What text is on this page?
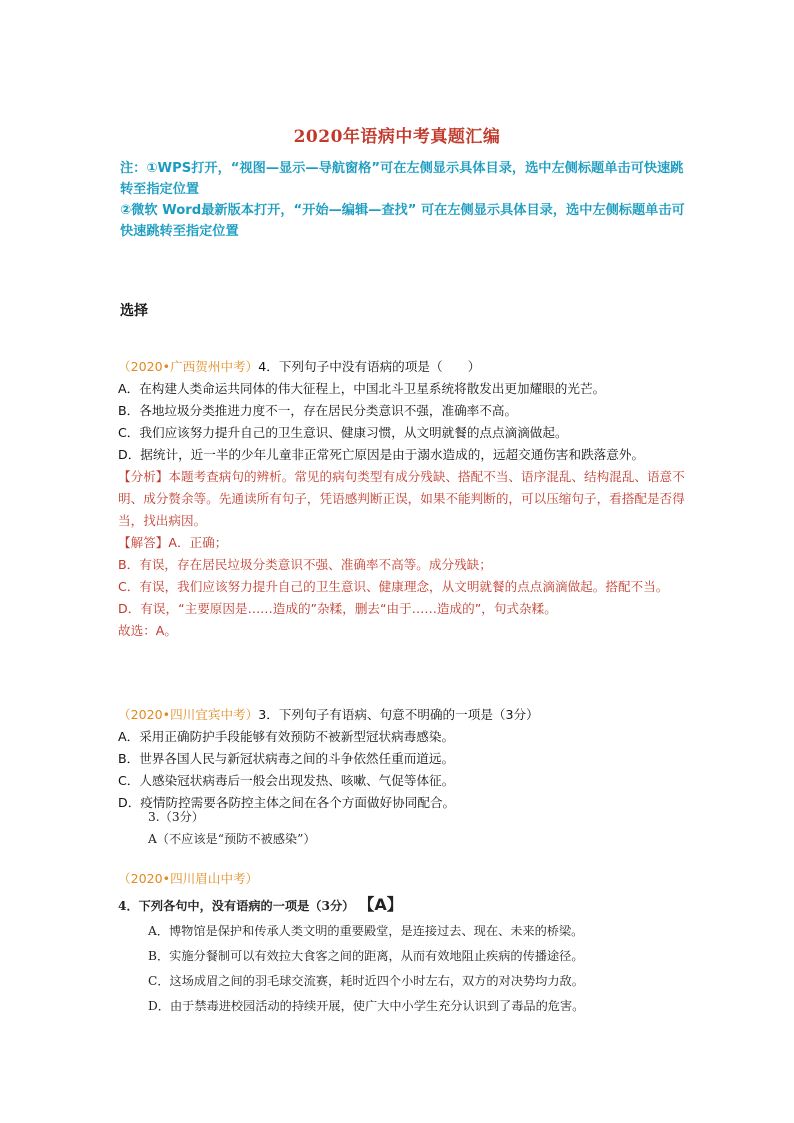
2020年语病中考真题汇编

注：①WPS打开，“视图—显示—导航窗格”可在左侧显示具体目录，选中左侧标题单击可快速跳转至指定位置

②微软 Word最新版本打开，“开始—编辑—查找” 可在左侧显示具体目录，选中左侧标题单击可快速跳转至指定位置

选择

（2020•广西贺州中考）4．下列句子中没有语病的项是（　　）

A．在构建人类命运共同体的伟大征程上，中国北斗卫星系统将散发出更加耀眼的光芒。

B．各地垃圾分类推进力度不一，存在居民分类意识不强，准确率不高。

C．我们应该努力提升自己的卫生意识、健康习惯，从文明就餐的点点滴滴做起。

D．据统计，近一半的少年儿童非正常死亡原因是由于溺水造成的，远超交通伤害和跌落意外。

【分析】本题考查病句的辨析。常见的病句类型有成分残缺、搭配不当、语序混乱、结构混乱、语意不明、成分赘余等。先通读所有句子，凭语感判断正误，如果不能判断的，可以压缩句子，看搭配是否得当，找出病因。

【解答】A．正确；

B．有误，存在居民垃圾分类意识不强、准确率不高等。成分残缺；

C．有误，我们应该努力提升自己的卫生意识、健康理念，从文明就餐的点点滴滴做起。搭配不当。

D．有误，“主要原因是……造成的”杂糅，删去“由于……造成的”，句式杂糅。

故选：A。

（2020•四川宜宾中考）3．下列句子有语病、句意不明确的一项是（3分）

A．采用正确防护手段能够有效预防不被新型冠状病毒感染。

B．世界各国人民与新冠状病毒之间的斗争依然任重而道远。

C．人感染冠状病毒后一般会出现发热、咳嗽、气促等体征。

D．疫情防控需要各防控主体之间在各个方面做好协同配合。

3.（3分）

A（不应该是“预防不被感染”）

（2020•四川眉山中考）

4．下列各句中，没有语病的一项是（3分） 【A】

A．博物馆是保护和传承人类文明的重要殿堂，是连接过去、现在、未来的桥梁。

B．实施分餐制可以有效拉大食客之间的距离，从而有效地阻止疾病的传播途径。

C．这场成眉之间的羽毛球交流赛，耗时近四个小时左右，双方的对决势均力敌。

D．由于禁毒进校园活动的持续开展，使广大中小学生充分认识到了毒品的危害。
